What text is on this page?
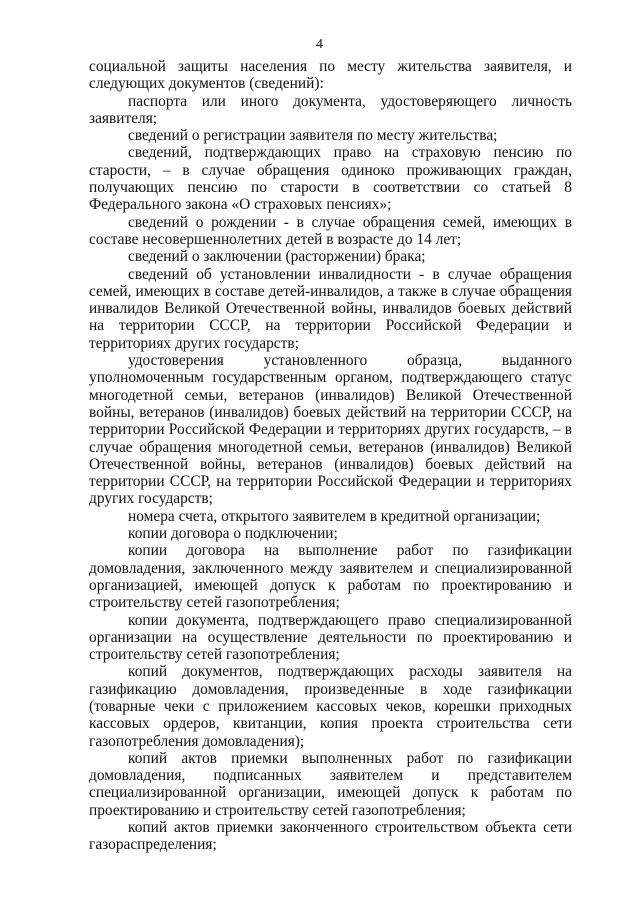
4

социальной защиты населения по месту жительства заявителя, и следующих документов (сведений):

паспорта или иного документа, удостоверяющего личность заявителя;

сведений о регистрации заявителя по месту жительства;

сведений, подтверждающих право на страховую пенсию по старости, – в случае обращения одиноко проживающих граждан, получающих пенсию по старости в соответствии со статьей 8 Федерального закона «О страховых пенсиях»;

сведений о рождении - в случае обращения семей, имеющих в составе несовершеннолетних детей в возрасте до 14 лет;

сведений о заключении (расторжении) брака;

сведений об установлении инвалидности - в случае обращения семей, имеющих в составе детей-инвалидов, а также в случае обращения инвалидов Великой Отечественной войны, инвалидов боевых действий на территории СССР, на территории Российской Федерации и территориях других государств;

удостоверения установленного образца, выданного уполномоченным государственным органом, подтверждающего статус многодетной семьи, ветеранов (инвалидов) Великой Отечественной войны, ветеранов (инвалидов) боевых действий на территории СССР, на территории Российской Федерации и территориях других государств, – в случае обращения многодетной семьи, ветеранов (инвалидов) Великой Отечественной войны, ветеранов (инвалидов) боевых действий на территории СССР, на территории Российской Федерации и территориях других государств;

номера счета, открытого заявителем в кредитной организации;

копии договора о подключении;

копии договора на выполнение работ по газификации домовладения, заключенного между заявителем и специализированной организацией, имеющей допуск к работам по проектированию и строительству сетей газопотребления;

копии документа, подтверждающего право специализированной организации на осуществление деятельности по проектированию и строительству сетей газопотребления;

копий документов, подтверждающих расходы заявителя на газификацию домовладения, произведенные в ходе газификации (товарные чеки с приложением кассовых чеков, корешки приходных кассовых ордеров, квитанции, копия проекта строительства сети газопотребления домовладения);

копий актов приемки выполненных работ по газификации домовладения, подписанных заявителем и представителем специализированной организации, имеющей допуск к работам по проектированию и строительству сетей газопотребления;

копий актов приемки законченного строительством объекта сети газораспределения;
